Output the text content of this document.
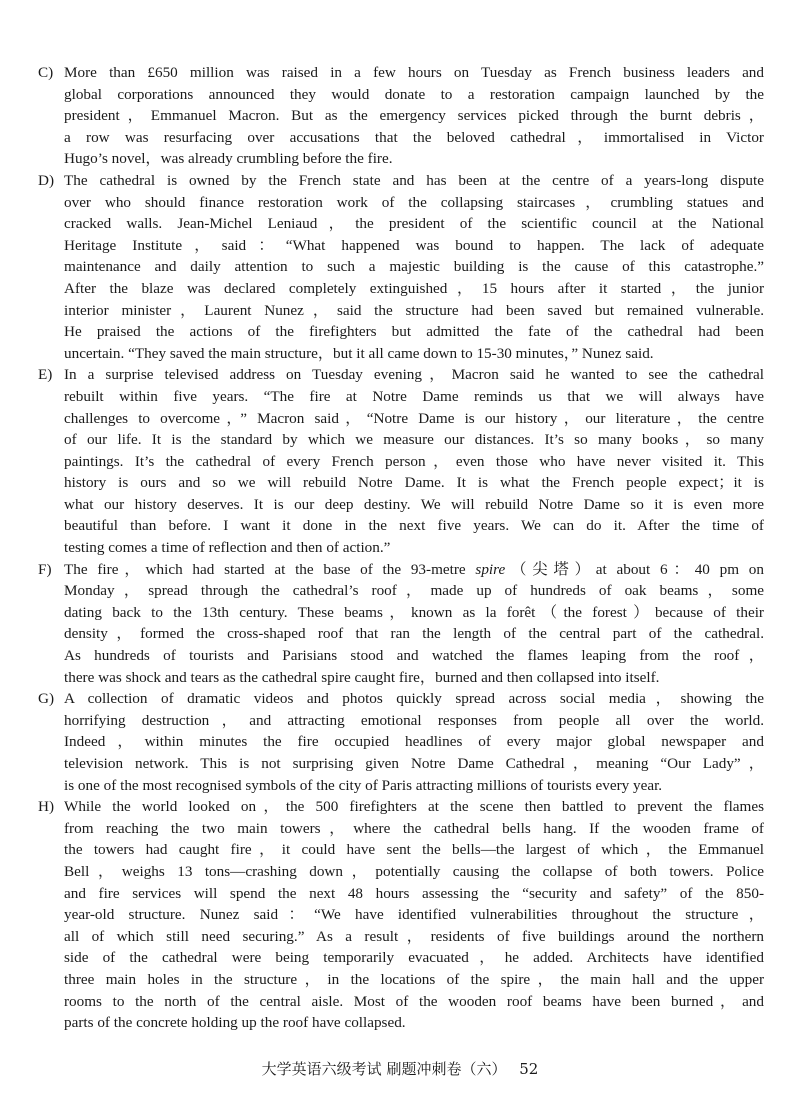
C) More than £650 million was raised in a few hours on Tuesday as French business leaders and
global corporations announced they would donate to a restoration campaign launched by the
president，Emmanuel Macron. But as the emergency services picked through the burnt debris，
a row was resurfacing over accusations that the beloved cathedral，immortalised in Victor
Hugo’s novel，was already crumbling before the fire.
D) The cathedral is owned by the French state and has been at the centre of a years-long dispute
over who should finance restoration work of the collapsing staircases，crumbling statues and
cracked walls. Jean-Michel Leniaud，the president of the scientific council at the National
Heritage Institute，said：“What happened was bound to happen. The lack of adequate
maintenance and daily attention to such a majestic building is the cause of this catastrophe.”
After the blaze was declared completely extinguished，15 hours after it started，the junior
interior minister，Laurent Nunez，said the structure had been saved but remained vulnerable.
He praised the actions of the firefighters but admitted the fate of the cathedral had been
uncertain. “They saved the main structure，but it all came down to 15-30 minutes，” Nunez said.
E) In a surprise televised address on Tuesday evening，Macron said he wanted to see the cathedral
rebuilt within five years. “The fire at Notre Dame reminds us that we will always have
challenges to overcome，” Macron said，“Notre Dame is our history，our literature，the centre
of our life. It is the standard by which we measure our distances. It’s so many books，so many
paintings. It’s the cathedral of every French person，even those who have never visited it. This
history is ours and so we will rebuild Notre Dame. It is what the French people expect；it is
what our history deserves. It is our deep destiny. We will rebuild Notre Dame so it is even more
beautiful than before. I want it done in the next five years. We can do it. After the time of
testing comes a time of reflection and then of action.”
F) The fire，which had started at the base of the 93-metre spire（尖塔）at about 6：40 pm on
Monday，spread through the cathedral’s roof，made up of hundreds of oak beams，some
dating back to the 13th century. These beams，known as la forêt（the forest）because of their
density，formed the cross-shaped roof that ran the length of the central part of the cathedral.
As hundreds of tourists and Parisians stood and watched the flames leaping from the roof，
there was shock and tears as the cathedral spire caught fire，burned and then collapsed into itself.
G) A collection of dramatic videos and photos quickly spread across social media，showing the
horrifying destruction，and attracting emotional responses from people all over the world.
Indeed，within minutes the fire occupied headlines of every major global newspaper and
television network. This is not surprising given Notre Dame Cathedral，meaning “Our Lady”，
is one of the most recognised symbols of the city of Paris attracting millions of tourists every year.
H) While the world looked on，the 500 firefighters at the scene then battled to prevent the flames
from reaching the two main towers，where the cathedral bells hang. If the wooden frame of
the towers had caught fire，it could have sent the bells—the largest of which，the Emmanuel
Bell，weighs 13 tons—crashing down，potentially causing the collapse of both towers. Police
and fire services will spend the next 48 hours assessing the “security and safety” of the 850-
year-old structure. Nunez said：“We have identified vulnerabilities throughout the structure，
all of which still need securing.” As a result，residents of five buildings around the northern
side of the cathedral were being temporarily evacuated，he added. Architects have identified
three main holes in the structure，in the locations of the spire，the main hall and the upper
rooms to the north of the central aisle. Most of the wooden roof beams have been burned，and
parts of the concrete holding up the roof have collapsed.
大学英语六级考试 刷题冲刺卷（六） 52
